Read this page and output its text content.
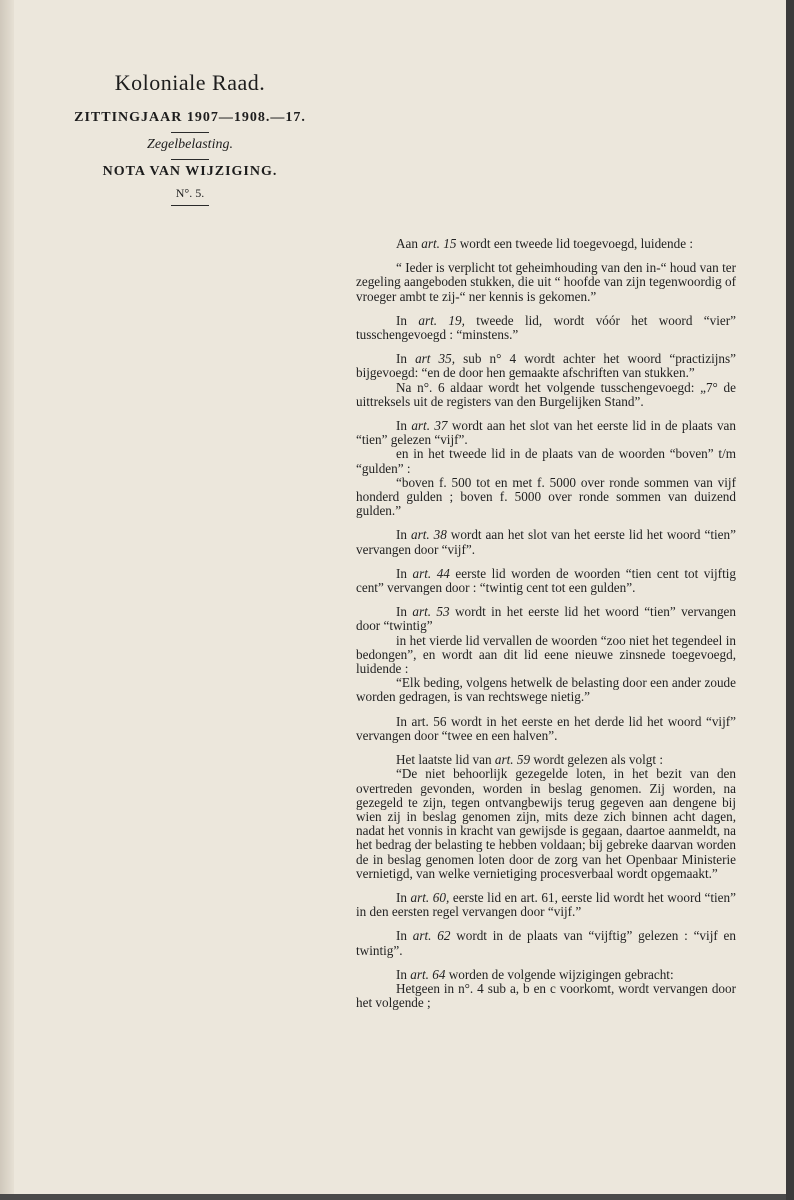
Koloniale Raad.
ZITTINGJAAR 1907—1908.—17.
Zegelbelasting.
NOTA VAN WIJZIGING.
N°. 5.

Aan art. 15 wordt een tweede lid toegevoegd, luidende :

“ Ieder is verplicht tot geheimhouding van den in-“ houd van ter zegeling aangeboden stukken, die uit “ hoofde van zijn tegenwoordig of vroeger ambt te zij-“ ner kennis is gekomen.”

In art. 19, tweede lid, wordt vóór het woord “vier” tusschengevoegd : “minstens.”

In art 35, sub n° 4 wordt achter het woord “practizijns” bijgevoegd: “en de door hen gemaakte afschriften van stukken.”

Na n°. 6 aldaar wordt het volgende tusschengevoegd: „7° de uittreksels uit de registers van den Burgelijken Stand”.

In art. 37 wordt aan het slot van het eerste lid in de plaats van “tien” gelezen “vijf”.

en in het tweede lid in de plaats van de woorden “boven” t/m “gulden” :

“boven f. 500 tot en met f. 5000 over ronde sommen van vijf honderd gulden ; boven f. 5000 over ronde sommen van duizend gulden.”

In art. 38 wordt aan het slot van het eerste lid het woord “tien” vervangen door “vijf”.

In art. 44 eerste lid worden de woorden “tien cent tot vijftig cent” vervangen door : “twintig cent tot een gulden”.

In art. 53 wordt in het eerste lid het woord “tien” vervangen door “twintig”

in het vierde lid vervallen de woorden “zoo niet het tegendeel in bedongen”, en wordt aan dit lid eene nieuwe zinsnede toegevoegd, luidende :

“Elk beding, volgens hetwelk de belasting door een ander zoude worden gedragen, is van rechtswege nietig.”

In art. 56 wordt in het eerste en het derde lid het woord “vijf” vervangen door “twee en een halven”.

Het laatste lid van art. 59 wordt gelezen als volgt :

“De niet behoorlijk gezegelde loten, in het bezit van den overtreden gevonden, worden in beslag genomen. Zij worden, na gezegeld te zijn, tegen ontvangbewijs terug gegeven aan dengene bij wien zij in beslag genomen zijn, mits deze zich binnen acht dagen, nadat het vonnis in kracht van gewijsde is gegaan, daartoe aanmeldt, na het bedrag der belasting te hebben voldaan; bij gebreke daarvan worden de in beslag genomen loten door de zorg van het Openbaar Ministerie vernietigd, van welke vernietiging procesverbaal wordt opgemaakt.”

In art. 60, eerste lid en art. 61, eerste lid wordt het woord “tien” in den eersten regel vervangen door “vijf.”

In art. 62 wordt in de plaats van “vijftig” gelezen : “vijf en twintig”.

In art. 64 worden de volgende wijzigingen gebracht:

Hetgeen in n°. 4 sub a, b en c voorkomt, wordt vervangen door het volgende ;
